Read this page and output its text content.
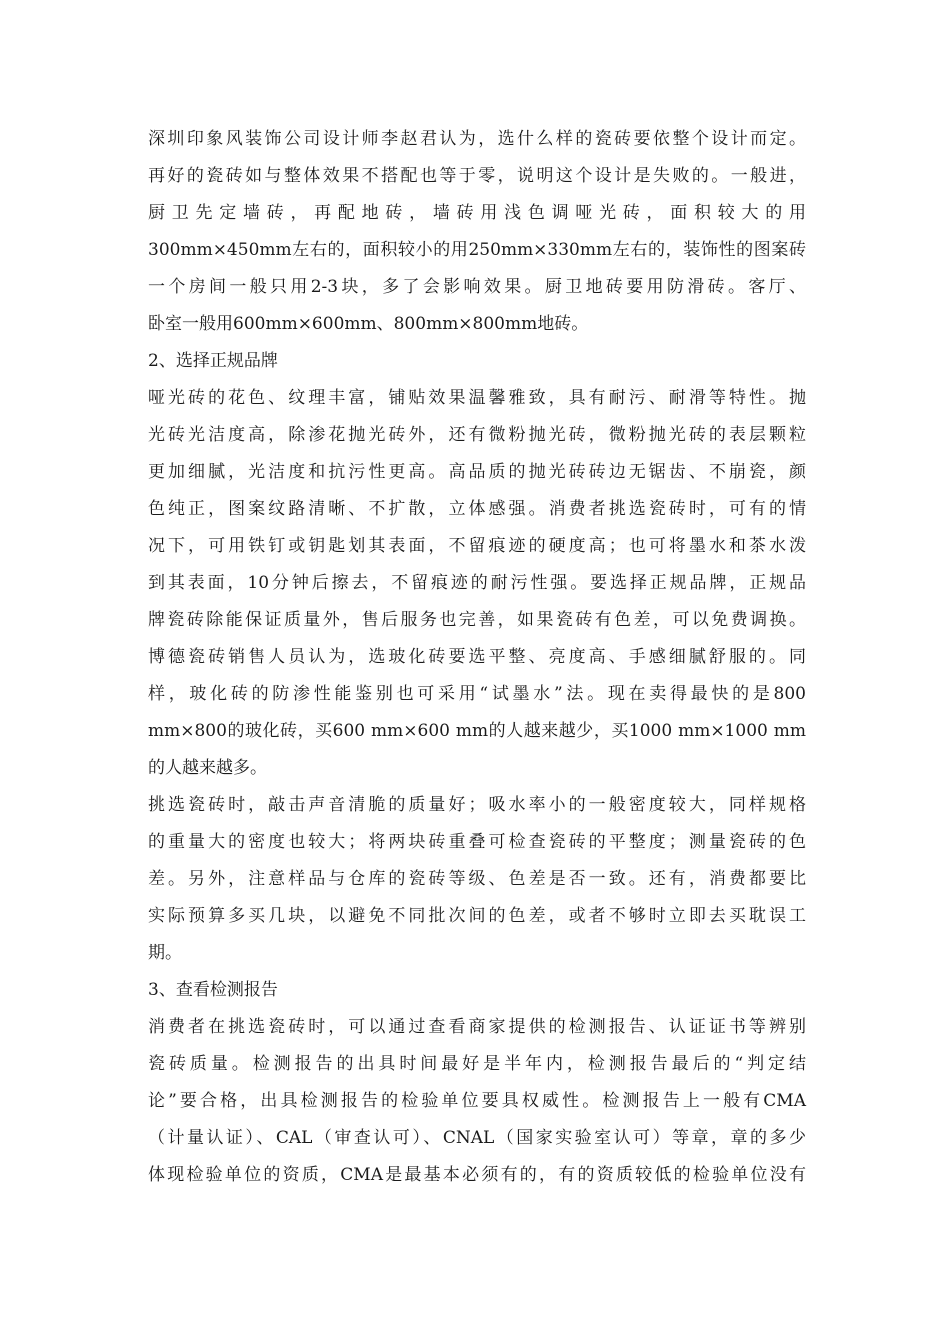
深圳印象风装饰公司设计师李赵君认为，选什么样的瓷砖要依整个设计而定。
再好的瓷砖如与整体效果不搭配也等于零，说明这个设计是失败的。一般进，
厨卫先定墙砖，再配地砖，墙砖用浅色调哑光砖，面积较大的用
300mm×450mm左右的，面积较小的用250mm×330mm左右的，装饰性的图案砖
一个房间一般只用2-3块，多了会影响效果。厨卫地砖要用防滑砖。客厅、
卧室一般用600mm×600mm、800mm×800mm地砖。
2、选择正规品牌
哑光砖的花色、纹理丰富，铺贴效果温馨雅致，具有耐污、耐滑等特性。抛
光砖光洁度高，除渗花抛光砖外，还有微粉抛光砖，微粉抛光砖的表层颗粒
更加细腻，光洁度和抗污性更高。高品质的抛光砖砖边无锯齿、不崩瓷，颜
色纯正，图案纹路清晰、不扩散，立体感强。消费者挑选瓷砖时，可有的情
况下，可用铁钉或钥匙划其表面，不留痕迹的硬度高；也可将墨水和茶水泼
到其表面，10分钟后擦去，不留痕迹的耐污性强。要选择正规品牌，正规品
牌瓷砖除能保证质量外，售后服务也完善，如果瓷砖有色差，可以免费调换。
博德瓷砖销售人员认为，选玻化砖要选平整、亮度高、手感细腻舒服的。同
样，玻化砖的防渗性能鉴别也可采用“试墨水”法。现在卖得最快的是800
mm×800的玻化砖，买600 mm×600 mm的人越来越少，买1000 mm×1000 mm
的人越来越多。
挑选瓷砖时，敲击声音清脆的质量好；吸水率小的一般密度较大，同样规格
的重量大的密度也较大；将两块砖重叠可检查瓷砖的平整度；测量瓷砖的色
差。另外，注意样品与仓库的瓷砖等级、色差是否一致。还有，消费都要比
实际预算多买几块，以避免不同批次间的色差，或者不够时立即去买耽误工
期。
3、查看检测报告
消费者在挑选瓷砖时，可以通过查看商家提供的检测报告、认证证书等辨别
瓷砖质量。检测报告的出具时间最好是半年内，检测报告最后的“判定结
论”要合格，出具检测报告的检验单位要具权威性。检测报告上一般有CMA
（计量认证）、CAL（审查认可）、CNAL（国家实验室认可）等章，章的多少
体现检验单位的资质，CMA是最基本必须有的，有的资质较低的检验单位没有
